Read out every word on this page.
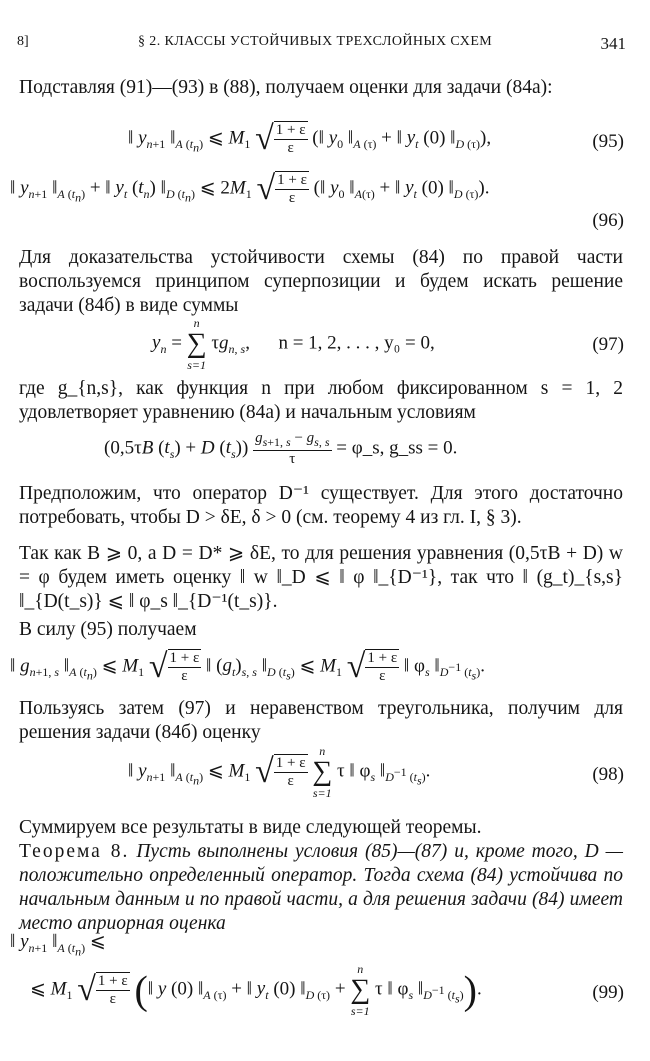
8]	§ 2. КЛАССЫ УСТОЙЧИВЫХ ТРЕХСЛОЙНЫХ СХЕМ	341
Подставляя (91)—(93) в (88), получаем оценки для задачи (84а):
‖ $y_{n+1}$ $‖_{A (t_n)}$ ⩽ $M_1$ √ $\frac{1 + \varepsilon}{\varepsilon}$ (‖ $y_0$ $‖_{A (\tau)}$ + ‖ $y_t$ (0) $‖_{D (\tau)}$),	(95)
‖ $y_{n+1}$ $‖_{A (t_n)}$ + ‖ $y_t$ $(t_n)$ $‖_{D (t_n)}$ ⩽ $2M_1$ √ $\frac{1 + \varepsilon}{\varepsilon}$ (‖ $y_0$ $‖_{A(\tau)}$ + ‖ $y_t$ (0) $‖_{D (\tau)}$).
(96)
Для доказательства устойчивости схемы (84) по правой части воспользуемся принципом суперпозиции и будем искать решение задачи (84б) в виде суммы
$y_n$ =
n
∑
s=1
$\tau g_{n, s}$,      n = 1, 2, . . . , y₀ = 0,	(97)
где g_{n,s}, как функция n при любом фиксированном s = 1, 2 удовлетворяет уравнению (84а) и начальным условиям
(0,5τB $(t_s) + D$ $(t_s)) \frac{g_{s+1, s} - g_{s, s}}{\tau}$ = φ_s, g_ss = 0.
Предположим, что оператор D⁻¹ существует. Для этого достаточно потребовать, чтобы D > δE, δ > 0 (см. теорему 4 из гл. I, § 3).
Так как B ⩾ 0, а D = D* ⩾ δE, то для решения уравнения (0,5τB + D) w = φ будем иметь оценку ‖ w ‖_D ⩽ ‖ φ ‖_{D⁻¹}, так что ‖ (g_t)_{s,s} ‖_{D(t_s)} ⩽ ‖ φ_s ‖_{D⁻¹(t_s)}.
В силу (95) получаем
‖ $g_{n+1, s}$ $‖_{A (t_n)}$ ⩽ $M_1$ √ $\frac{1 + \varepsilon}{\varepsilon}$ ‖ $(g_t)_{s, s}$ $‖_{D (t_s)}$ ⩽ $M_1$ √ $\frac{1 + \varepsilon}{\varepsilon}$ ‖ $\varphi_s$ $‖_{D^{-1} (t_s)}$.
Пользуясь затем (97) и неравенством треугольника, получим для решения задачи (84б) оценку
‖ $y_{n+1}$ $‖_{A (t_n)}$ ⩽ $M_1$ √ $\frac{1 + \varepsilon}{\varepsilon}$

n
∑
s=1
τ ‖ $\varphi_s$ $‖_{D^{-1} (t_s)}$.	(98)
Суммируем все результаты в виде следующей теоремы.
Теорема 8. Пусть выполнены условия (85)—(87) и, кроме того, D — положительно определенный оператор. Тогда схема (84) устойчива по начальным данным и по правой части, а для решения задачи (84) имеет место априорная оценка
‖ $y_{n+1}$ $‖_{A (t_n)}$ ⩽
⩽ $M_1$ √ $\frac{1 + \varepsilon}{\varepsilon}$ (‖ y (0) $‖_{A (\tau)}$ + ‖ $y_t$ (0) $‖_{D (\tau)}$ +
n
∑
s=1
τ ‖ $\varphi_s$ $‖_{D^{-1} (t_s)}$).	(99)
